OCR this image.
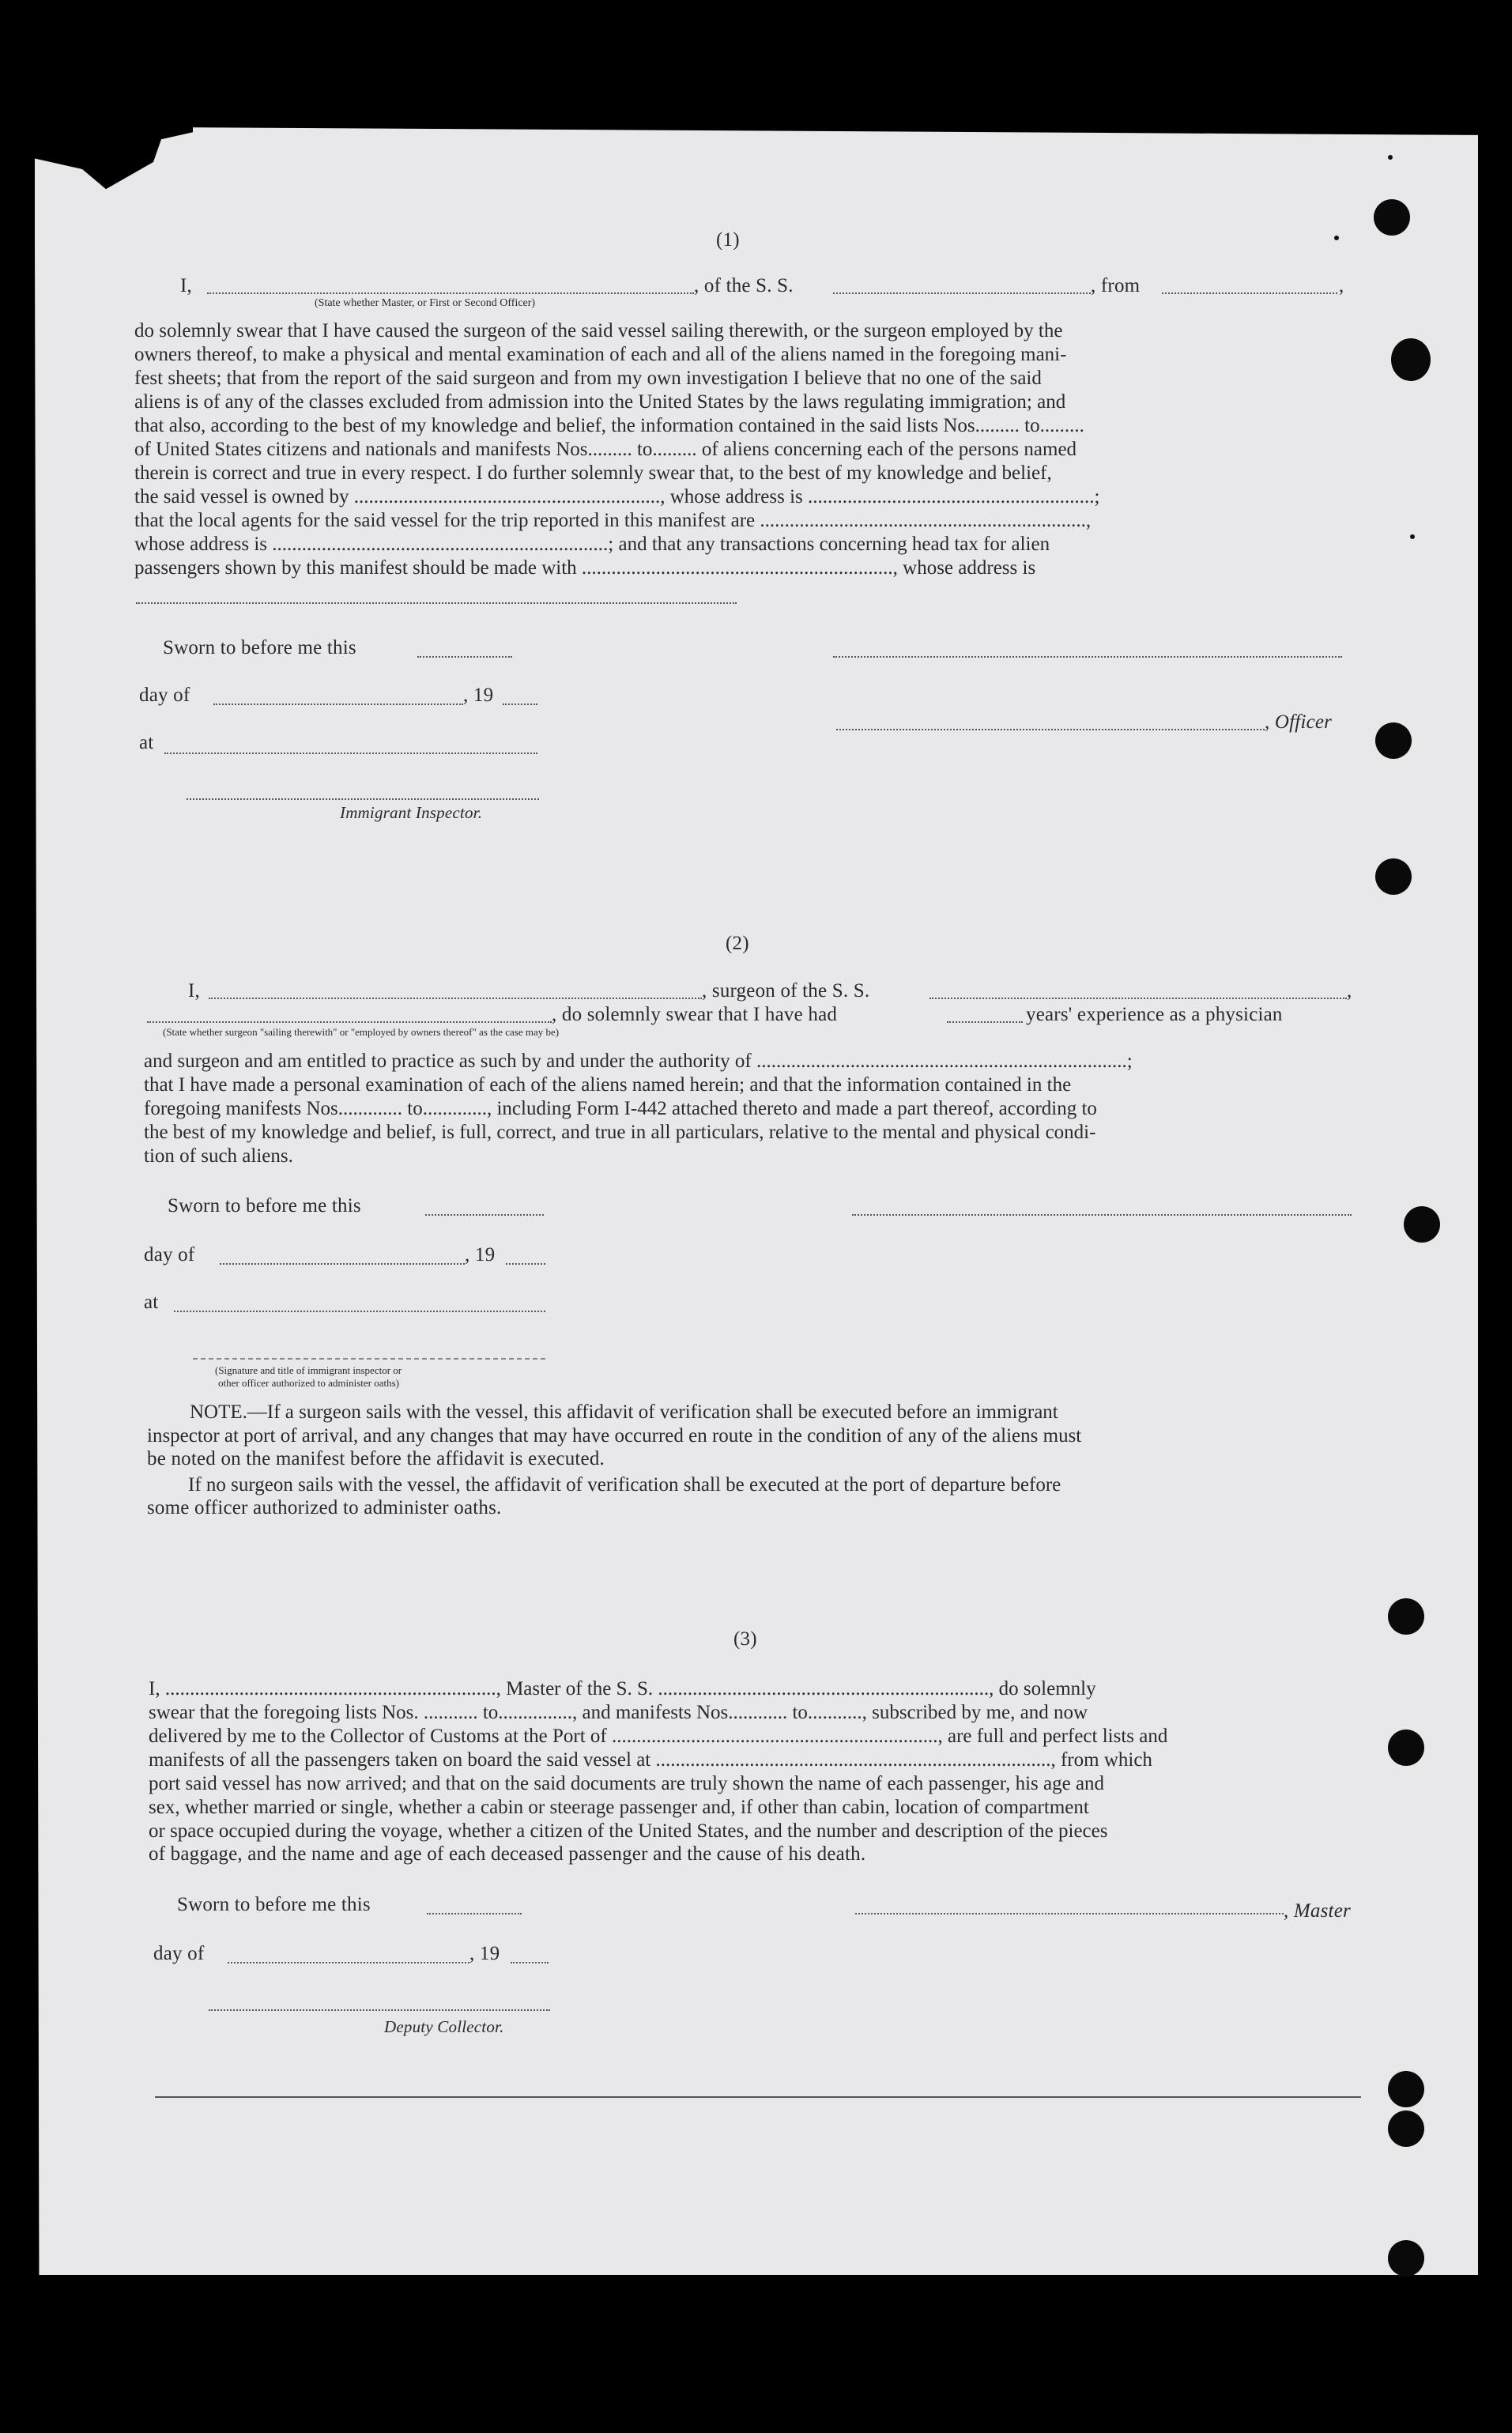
(1)
I,	, of the S. S.	, from	,
(State whether Master, or First or Second Officer)
do solemnly swear that I have caused the surgeon of the said vessel sailing therewith, or the surgeon employed by the
owners thereof, to make a physical and mental examination of each and all of the aliens named in the foregoing mani-
fest sheets; that from the report of the said surgeon and from my own investigation I believe that no one of the said
aliens is of any of the classes excluded from admission into the United States by the laws regulating immigration; and
that also, according to the best of my knowledge and belief, the information contained in the said lists Nos......... to.........
of United States citizens and nationals and manifests Nos......... to......... of aliens concerning each of the persons named
therein is correct and true in every respect. I do further solemnly swear that, to the best of my knowledge and belief,
the said vessel is owned by .............................................................., whose address is ..........................................................;
that the local agents for the said vessel for the trip reported in this manifest are ..................................................................,
whose address is ....................................................................; and that any transactions concerning head tax for alien
passengers shown by this manifest should be made with ..............................................................., whose address is
Sworn to before me this
day of	, 19
, Officer
at
Immigrant Inspector.
(2)
I,	, surgeon of the S. S.	,
, do solemnly swear that I have had	years' experience as a physician
(State whether surgeon "sailing therewith" or "employed by owners thereof" as the case may be)
and surgeon and am entitled to practice as such by and under the authority of ...........................................................................;
that I have made a personal examination of each of the aliens named herein; and that the information contained in the
foregoing manifests Nos............. to............., including Form I-442 attached thereto and made a part thereof, according to
the best of my knowledge and belief, is full, correct, and true in all particulars, relative to the mental and physical condi-
tion of such aliens.
Sworn to before me this
day of	, 19
at
(Signature and title of immigrant inspector or
other officer authorized to administer oaths)
NOTE.—If a surgeon sails with the vessel, this affidavit of verification shall be executed before an immigrant
inspector at port of arrival, and any changes that may have occurred en route in the condition of any of the aliens must
be noted on the manifest before the affidavit is executed.
If no surgeon sails with the vessel, the affidavit of verification shall be executed at the port of departure before
some officer authorized to administer oaths.
(3)
I, ..................................................................., Master of the S. S. ..................................................................., do solemnly
swear that the foregoing lists Nos. ........... to..............., and manifests Nos............ to..........., subscribed by me, and now
delivered by me to the Collector of Customs at the Port of .................................................................., are full and perfect lists and
manifests of all the passengers taken on board the said vessel at ................................................................................, from which
port said vessel has now arrived; and that on the said documents are truly shown the name of each passenger, his age and
sex, whether married or single, whether a cabin or steerage passenger and, if other than cabin, location of compartment
or space occupied during the voyage, whether a citizen of the United States, and the number and description of the pieces
of baggage, and the name and age of each deceased passenger and the cause of his death.
Sworn to before me this	, Master
day of	, 19
Deputy Collector.
